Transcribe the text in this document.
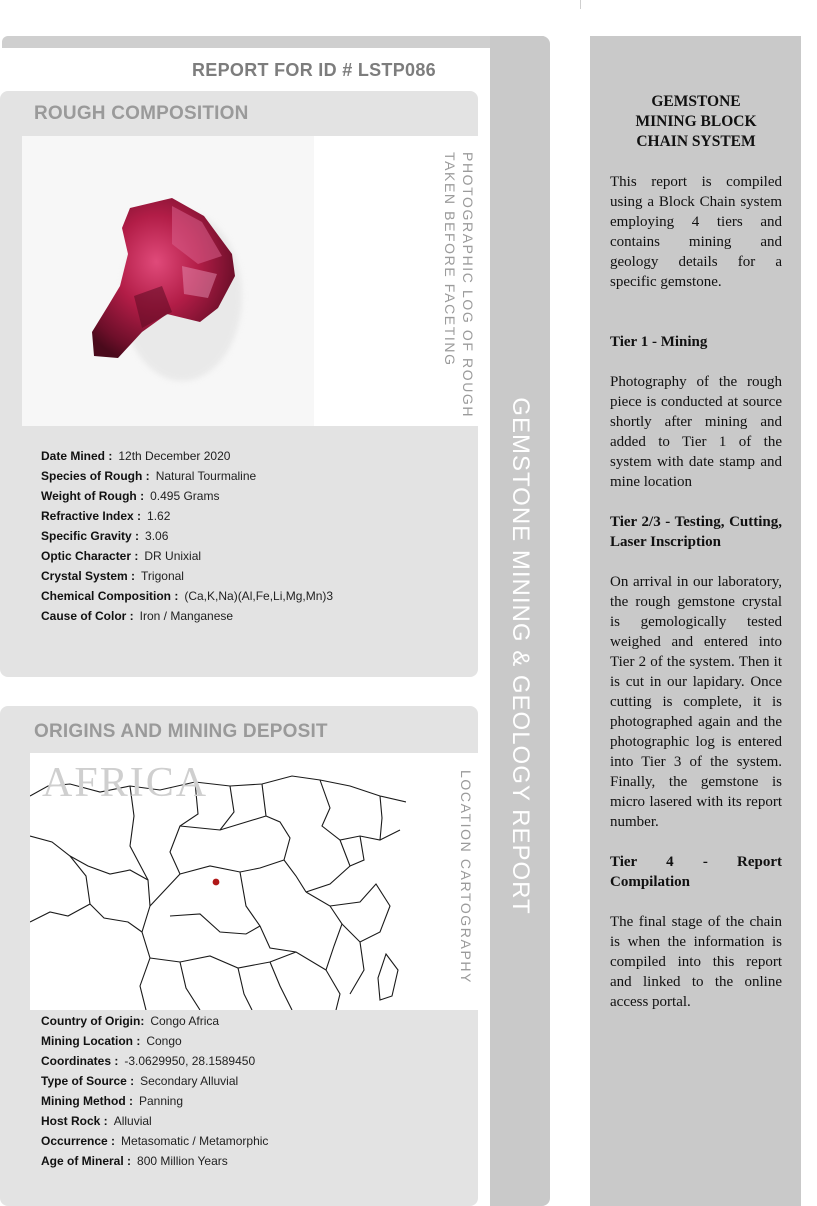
GEMSTONE MINING & GEOLOGY REPORT
REPORT FOR ID # LSTP086
ROUGH COMPOSITION
PHOTOGRAPHIC LOG OF ROUGH
TAKEN BEFORE FACETING
Date Mined : 12th December 2020
Species of Rough : Natural Tourmaline
Weight of Rough : 0.495 Grams
Refractive Index : 1.62
Specific Gravity : 3.06
Optic Character : DR Unixial
Crystal System : Trigonal
Chemical Composition : (Ca,K,Na)(Al,Fe,Li,Mg,Mn)3
Cause of Color : Iron / Manganese
ORIGINS AND MINING DEPOSIT
AFRICA	LOCATION CARTOGRAPHY
Country of Origin: Congo Africa
Mining Location : Congo
Coordinates : -3.0629950, 28.1589450
Type of Source : Secondary Alluvial
Mining Method : Panning
Host Rock : Alluvial
Occurrence : Metasomatic / Metamorphic
Age of Mineral : 800 Million Years
GEMSTONE
MINING BLOCK
CHAIN SYSTEM
This report is compiled using a Block Chain system employing 4 tiers and contains mining and geology details for a specific gemstone.
Tier 1 - Mining
Photography of the rough piece is conducted at source shortly after mining and added to Tier 1 of the system with date stamp and mine location
Tier 2/3 - Testing, Cutting, Laser Inscription
On arrival in our laboratory, the rough gemstone crystal is gemologically tested weighed and entered into Tier 2 of the system. Then it is cut in our lapidary. Once cutting is complete, it is photographed again and the photographic log is entered into Tier 3 of the system. Finally, the gemstone is micro lasered with its report number.
Tier 4 - Report Compilation
The final stage of the chain is when the information is compiled into this report and linked to the online access portal.
